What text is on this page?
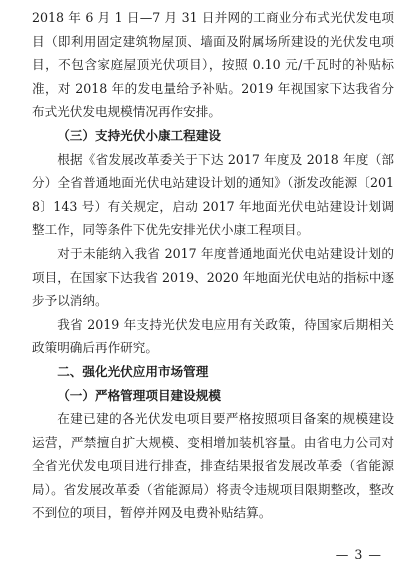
2018 年 6 月 1 日—7 月 31 日并网的工商业分布式光伏发电项目（即利用固定建筑物屋顶、墙面及附属场所建设的光伏发电项目，不包含家庭屋顶光伏项目），按照 0.10 元/千瓦时的补贴标准，对 2018 年的发电量给予补贴。2019 年视国家下达我省分布式光伏发电规模情况再作安排。

（三）支持光伏小康工程建设

根据《省发展改革委关于下达 2017 年度及 2018 年度（部分）全省普通地面光伏电站建设计划的通知》（浙发改能源〔2018〕143 号）有关规定，启动 2017 年地面光伏电站建设计划调整工作，同等条件下优先安排光伏小康工程项目。

对于未能纳入我省 2017 年度普通地面光伏电站建设计划的项目，在国家下达我省 2019、2020 年地面光伏电站的指标中逐步予以消纳。

我省 2019 年支持光伏发电应用有关政策，待国家后期相关政策明确后再作研究。

二、强化光伏应用市场管理

（一）严格管理项目建设规模

在建已建的各光伏发电项目要严格按照项目备案的规模建设运营，严禁擅自扩大规模、变相增加装机容量。由省电力公司对全省光伏发电项目进行排查，排查结果报省发展改革委（省能源局）。省发展改革委（省能源局）将责令违规项目限期整改，整改不到位的项目，暂停并网及电费补贴结算。

— 3 —
